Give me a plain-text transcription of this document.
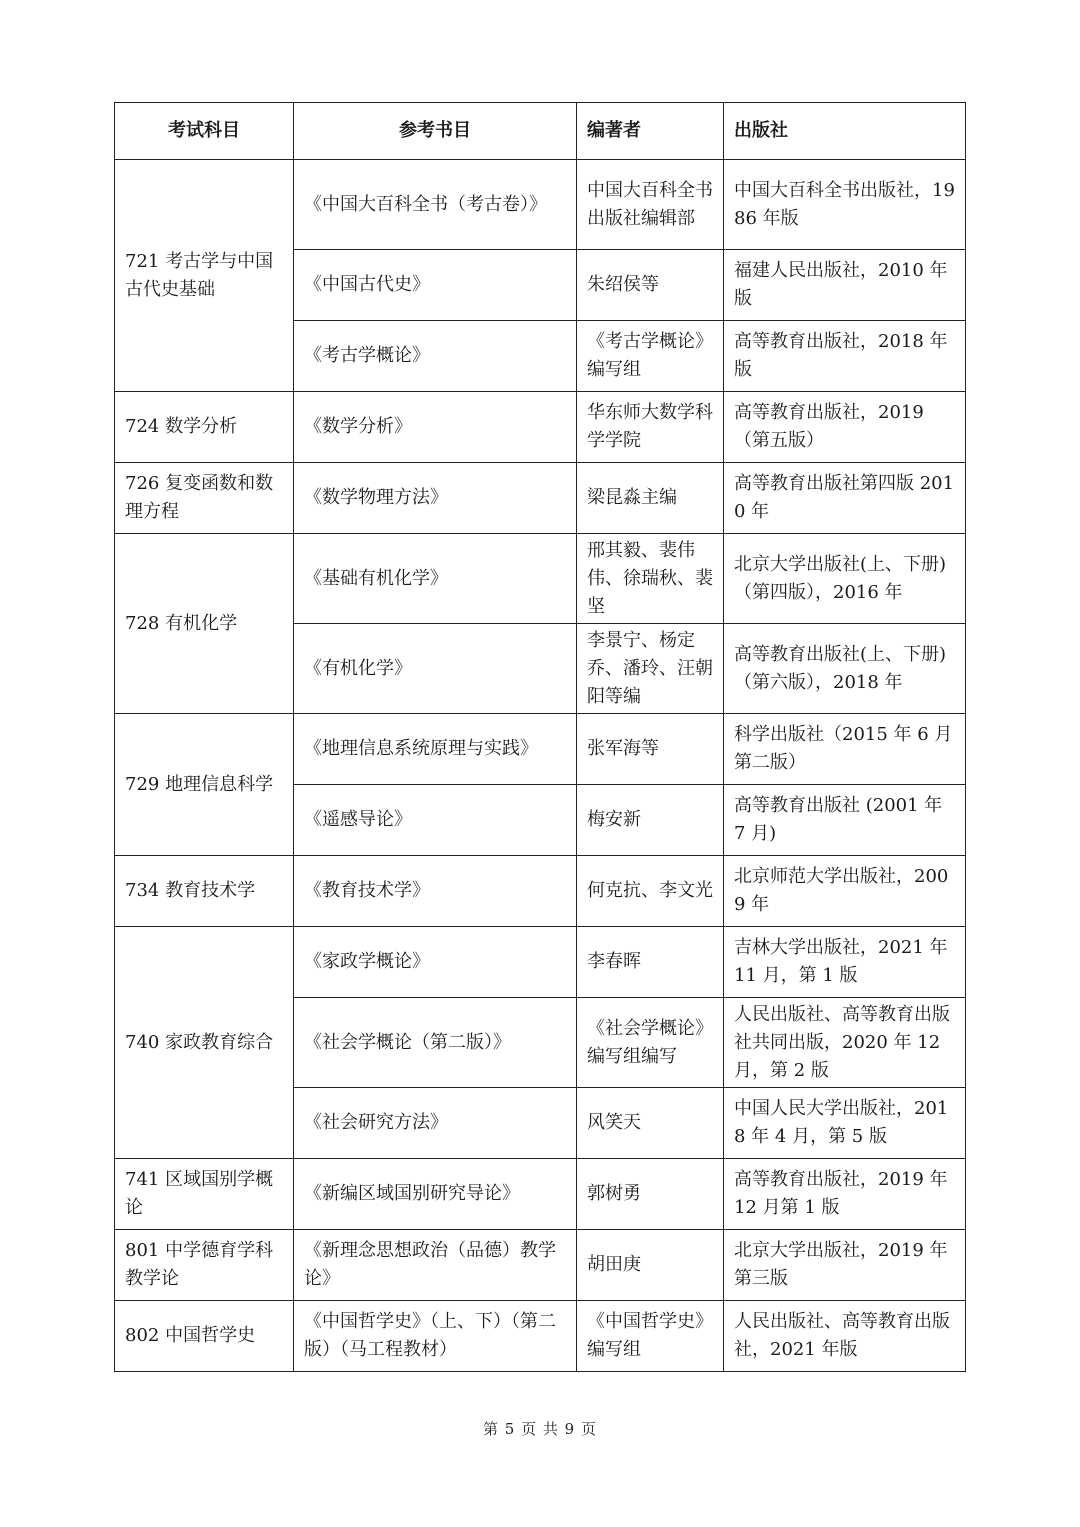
考试科目	参考书目	编著者	出版社
721 考古学与中国古代史基础	《中国大百科全书（考古卷）》	中国大百科全书出版社编辑部	中国大百科全书出版社，1986 年版
	《中国古代史》	朱绍侯等	福建人民出版社，2010 年版
	《考古学概论》	《考古学概论》编写组	高等教育出版社，2018 年版
724 数学分析	《数学分析》	华东师大数学科学学院	高等教育出版社，2019（第五版）
726 复变函数和数理方程	《数学物理方法》	梁昆淼主编	高等教育出版社第四版 2010 年
728 有机化学	《基础有机化学》	邢其毅、裴伟伟、徐瑞秋、裴坚	北京大学出版社(上、下册)（第四版），2016 年
	《有机化学》	李景宁、杨定乔、潘玲、汪朝阳等编	高等教育出版社(上、下册)（第六版），2018 年
729 地理信息科学	《地理信息系统原理与实践》	张军海等	科学出版社（2015 年 6 月第二版）
	《遥感导论》	梅安新	高等教育出版社 (2001 年 7 月)
734 教育技术学	《教育技术学》	何克抗、李文光	北京师范大学出版社，2009 年
740 家政教育综合	《家政学概论》	李春晖	吉林大学出版社，2021 年 11 月，第 1 版
	《社会学概论（第二版）》	《社会学概论》编写组编写	人民出版社、高等教育出版社共同出版，2020 年 12 月，第 2 版
	《社会研究方法》	风笑天	中国人民大学出版社，2018 年 4 月，第 5 版
741 区域国别学概论	《新编区域国别研究导论》	郭树勇	高等教育出版社，2019 年 12 月第 1 版
801 中学德育学科教学论	《新理念思想政治（品德）教学论》	胡田庚	北京大学出版社，2019 年第三版
802 中国哲学史	《中国哲学史》（上、下）（第二版）（马工程教材）	《中国哲学史》编写组	人民出版社、高等教育出版社，2021 年版
第 5 页 共 9 页
